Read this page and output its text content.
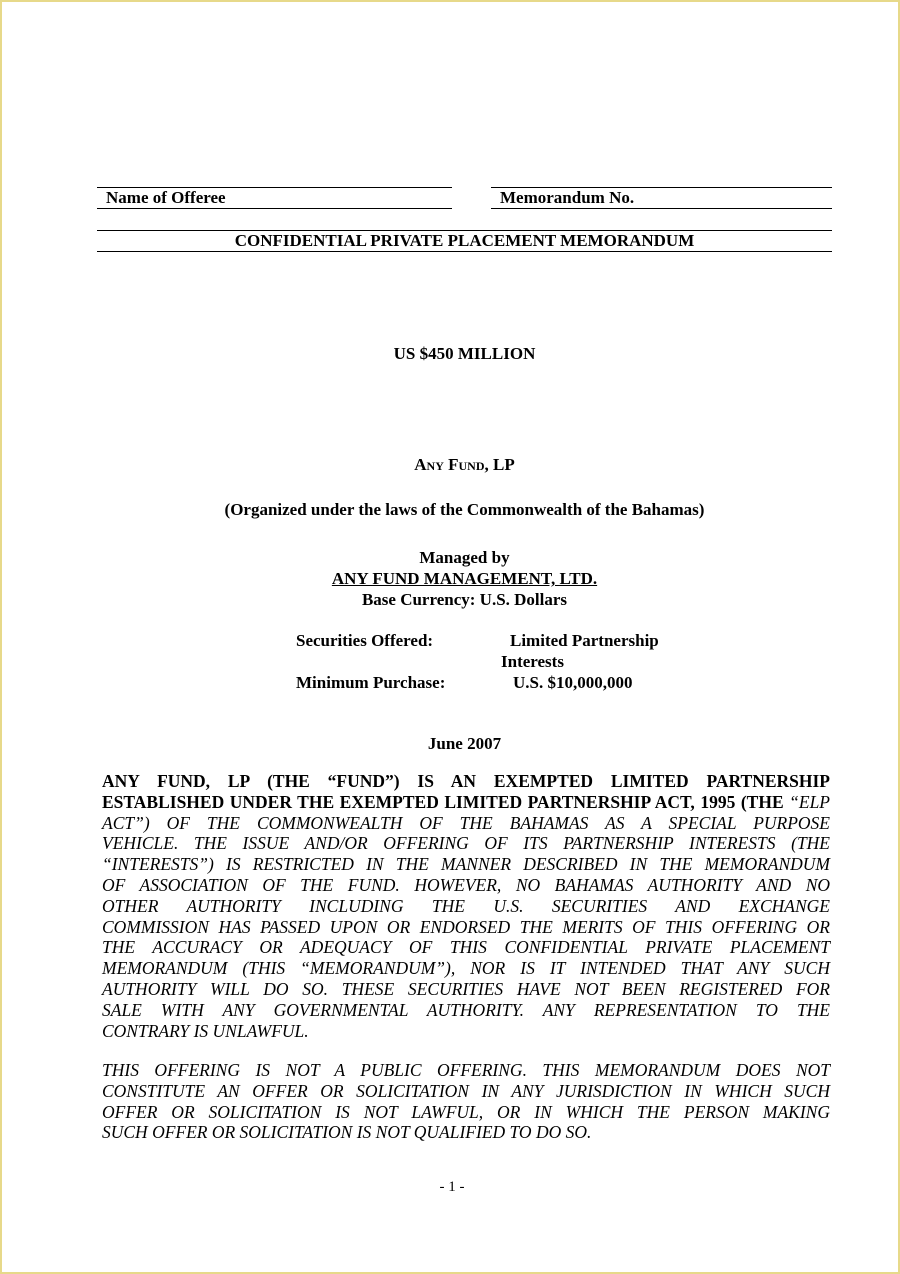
Name of Offeree	Memorandum No.
CONFIDENTIAL PRIVATE PLACEMENT MEMORANDUM
US $450 MILLION
Any Fund, LP
(Organized under the laws of the Commonwealth of the Bahamas)
Managed by
ANY FUND MANAGEMENT, LTD.
Base Currency: U.S. Dollars
Securities Offered:	Limited Partnership
Interests
Minimum Purchase:	U.S. $10,000,000
June 2007
ANY FUND, LP (THE “FUND”) IS AN EXEMPTED LIMITED PARTNERSHIP
ESTABLISHED UNDER THE EXEMPTED LIMITED PARTNERSHIP ACT, 1995 (THE “ELP
ACT”) OF THE COMMONWEALTH OF THE BAHAMAS AS A SPECIAL PURPOSE
VEHICLE. THE ISSUE AND/OR OFFERING OF ITS PARTNERSHIP INTERESTS (THE
“INTERESTS”) IS RESTRICTED IN THE MANNER DESCRIBED IN THE MEMORANDUM
OF ASSOCIATION OF THE FUND. HOWEVER, NO BAHAMAS AUTHORITY AND NO
OTHER AUTHORITY INCLUDING THE U.S. SECURITIES AND EXCHANGE
COMMISSION HAS PASSED UPON OR ENDORSED THE MERITS OF THIS OFFERING OR
THE ACCURACY OR ADEQUACY OF THIS CONFIDENTIAL PRIVATE PLACEMENT
MEMORANDUM (THIS “MEMORANDUM”), NOR IS IT INTENDED THAT ANY SUCH
AUTHORITY WILL DO SO. THESE SECURITIES HAVE NOT BEEN REGISTERED FOR
SALE WITH ANY GOVERNMENTAL AUTHORITY. ANY REPRESENTATION TO THE
CONTRARY IS UNLAWFUL.
THIS OFFERING IS NOT A PUBLIC OFFERING. THIS MEMORANDUM DOES NOT
CONSTITUTE AN OFFER OR SOLICITATION IN ANY JURISDICTION IN WHICH SUCH
OFFER OR SOLICITATION IS NOT LAWFUL, OR IN WHICH THE PERSON MAKING
SUCH OFFER OR SOLICITATION IS NOT QUALIFIED TO DO SO.
- 1 -
